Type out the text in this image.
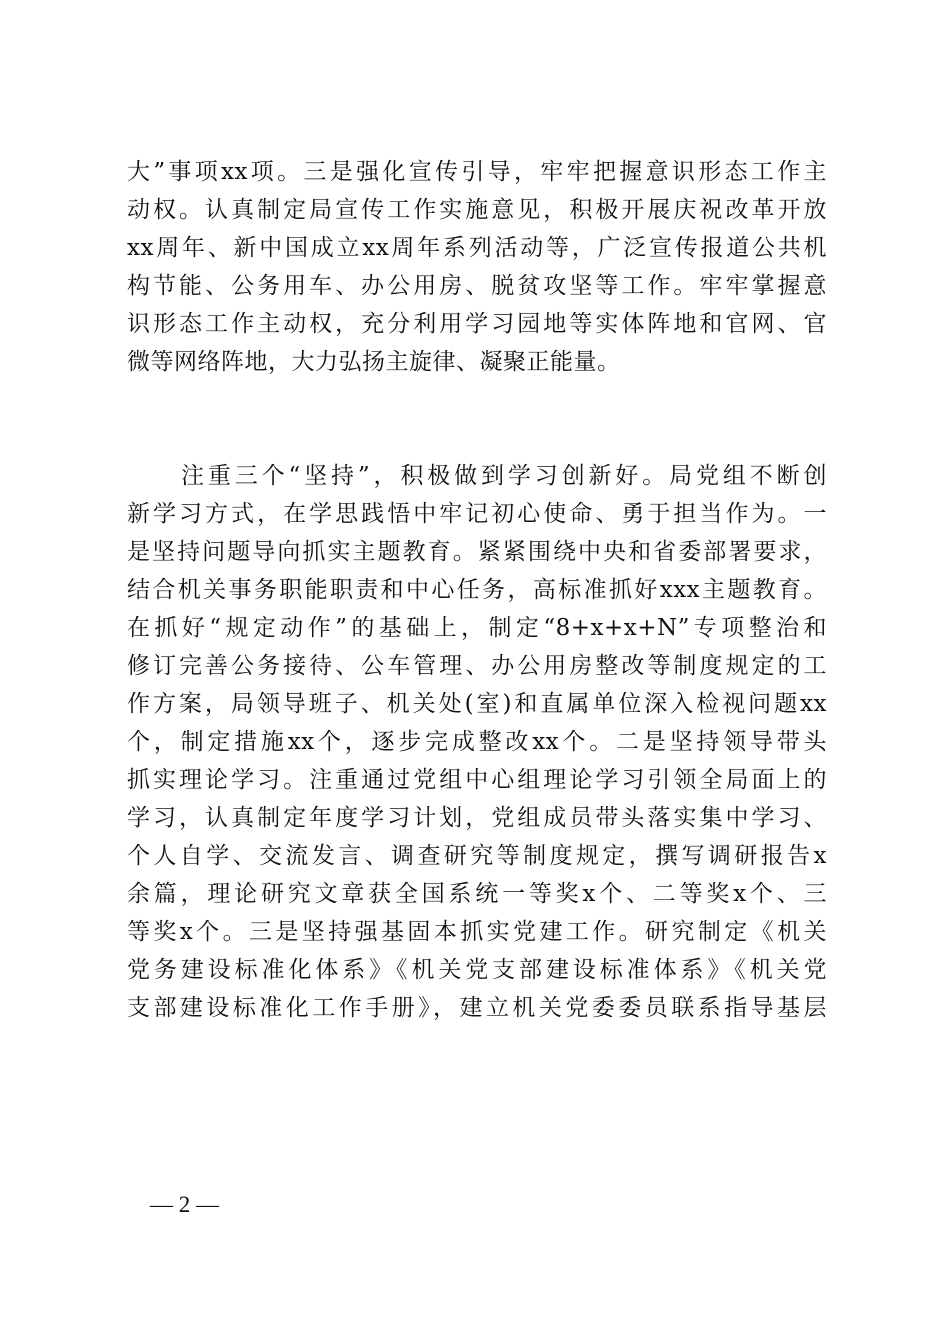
大”事项xx项。三是强化宣传引导，牢牢把握意识形态工作主
动权。认真制定局宣传工作实施意见，积极开展庆祝改革开放
xx周年、新中国成立xx周年系列活动等，广泛宣传报道公共机
构节能、公务用车、办公用房、脱贫攻坚等工作。牢牢掌握意
识形态工作主动权，充分利用学习园地等实体阵地和官网、官
微等网络阵地，大力弘扬主旋律、凝聚正能量。
注重三个“坚持”，积极做到学习创新好。局党组不断创
新学习方式，在学思践悟中牢记初心使命、勇于担当作为。一
是坚持问题导向抓实主题教育。紧紧围绕中央和省委部署要求，
结合机关事务职能职责和中心任务，高标准抓好xxx主题教育。
在抓好“规定动作”的基础上，制定“8+x+x+N”专项整治和
修订完善公务接待、公车管理、办公用房整改等制度规定的工
作方案，局领导班子、机关处(室)和直属单位深入检视问题xx
个，制定措施xx个，逐步完成整改xx个。二是坚持领导带头
抓实理论学习。注重通过党组中心组理论学习引领全局面上的
学习，认真制定年度学习计划，党组成员带头落实集中学习、
个人自学、交流发言、调查研究等制度规定，撰写调研报告x
余篇，理论研究文章获全国系统一等奖x个、二等奖x个、三
等奖x个。三是坚持强基固本抓实党建工作。研究制定《机关
党务建设标准化体系》《机关党支部建设标准体系》《机关党
支部建设标准化工作手册》，建立机关党委委员联系指导基层
— 2 —
